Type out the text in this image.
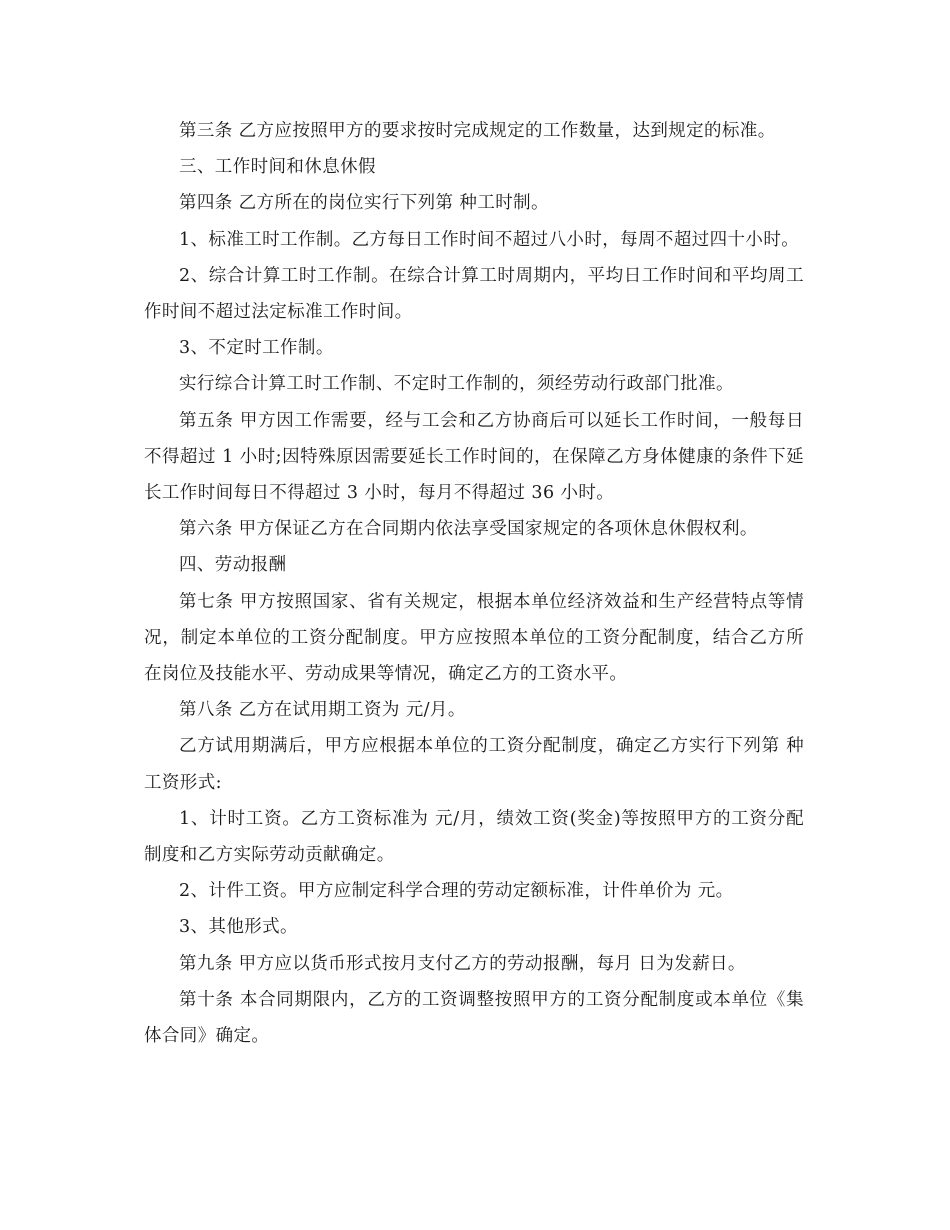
第三条 乙方应按照甲方的要求按时完成规定的工作数量，达到规定的标准。

三、工作时间和休息休假

第四条 乙方所在的岗位实行下列第 种工时制。

1、标准工时工作制。乙方每日工作时间不超过八小时，每周不超过四十小时。

2、综合计算工时工作制。在综合计算工时周期内，平均日工作时间和平均周工作时间不超过法定标准工作时间。

3、不定时工作制。

实行综合计算工时工作制、不定时工作制的，须经劳动行政部门批准。

第五条 甲方因工作需要，经与工会和乙方协商后可以延长工作时间，一般每日不得超过 1 小时;因特殊原因需要延长工作时间的，在保障乙方身体健康的条件下延长工作时间每日不得超过 3 小时，每月不得超过 36 小时。

第六条 甲方保证乙方在合同期内依法享受国家规定的各项休息休假权利。

四、劳动报酬

第七条 甲方按照国家、省有关规定，根据本单位经济效益和生产经营特点等情况，制定本单位的工资分配制度。甲方应按照本单位的工资分配制度，结合乙方所在岗位及技能水平、劳动成果等情况，确定乙方的工资水平。

第八条 乙方在试用期工资为 元/月。

乙方试用期满后，甲方应根据本单位的工资分配制度，确定乙方实行下列第 种工资形式:

1、计时工资。乙方工资标准为 元/月，绩效工资(奖金)等按照甲方的工资分配制度和乙方实际劳动贡献确定。

2、计件工资。甲方应制定科学合理的劳动定额标准，计件单价为 元。

3、其他形式。

第九条 甲方应以货币形式按月支付乙方的劳动报酬，每月 日为发薪日。

第十条 本合同期限内，乙方的工资调整按照甲方的工资分配制度或本单位《集体合同》确定。
